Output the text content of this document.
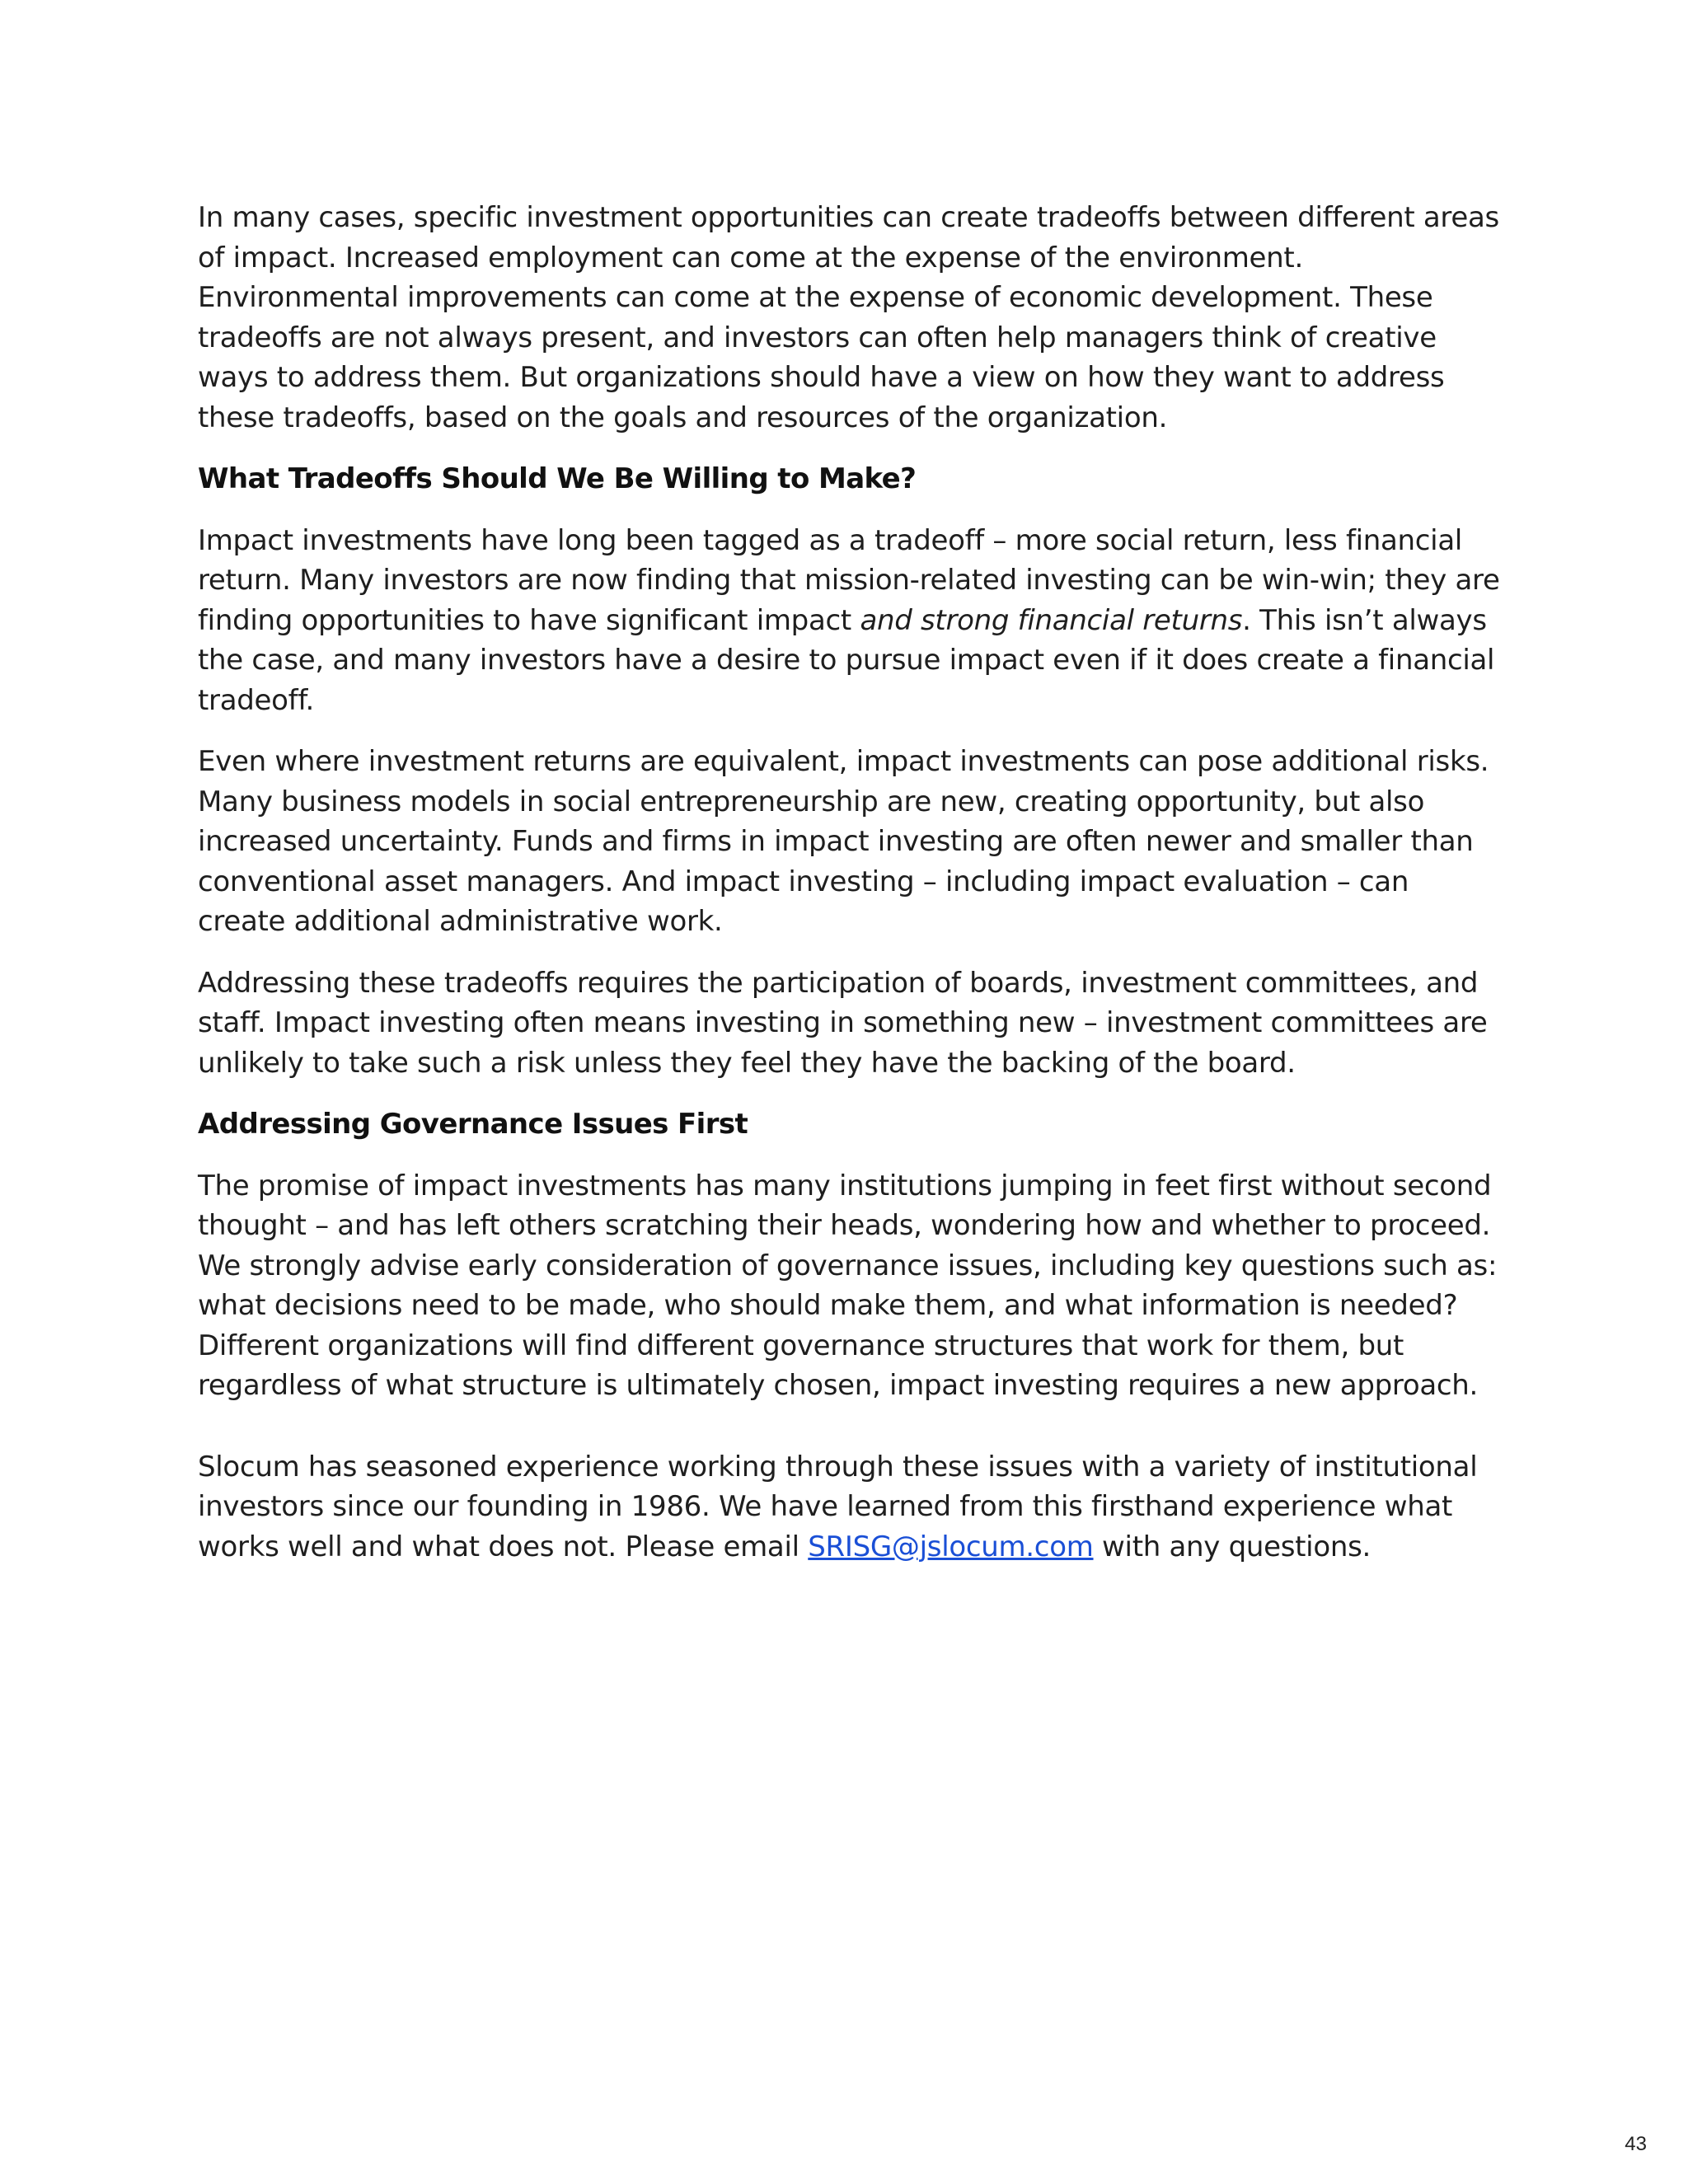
In many cases, specific investment opportunities can create tradeoffs between different areas of impact. Increased employment can come at the expense of the environment. Environmental improvements can come at the expense of economic development. These tradeoffs are not always present, and investors can often help managers think of creative ways to address them. But organizations should have a view on how they want to address these tradeoffs, based on the goals and resources of the organization.

What Tradeoffs Should We Be Willing to Make?

Impact investments have long been tagged as a tradeoff – more social return, less financial return. Many investors are now finding that mission-related investing can be win-win; they are finding opportunities to have significant impact and strong financial returns. This isn’t always the case, and many investors have a desire to pursue impact even if it does create a financial tradeoff.

Even where investment returns are equivalent, impact investments can pose additional risks. Many business models in social entrepreneurship are new, creating opportunity, but also increased uncertainty. Funds and firms in impact investing are often newer and smaller than conventional asset managers. And impact investing – including impact evaluation – can create additional administrative work.

Addressing these tradeoffs requires the participation of boards, investment committees, and staff. Impact investing often means investing in something new – investment committees are unlikely to take such a risk unless they feel they have the backing of the board.

Addressing Governance Issues First

The promise of impact investments has many institutions jumping in feet first without second thought – and has left others scratching their heads, wondering how and whether to proceed. We strongly advise early consideration of governance issues, including key questions such as: what decisions need to be made, who should make them, and what information is needed? Different organizations will find different governance structures that work for them, but regardless of what structure is ultimately chosen, impact investing requires a new approach.

Slocum has seasoned experience working through these issues with a variety of institutional investors since our founding in 1986. We have learned from this firsthand experience what works well and what does not. Please email SRISG@jslocum.com with any questions.

43
